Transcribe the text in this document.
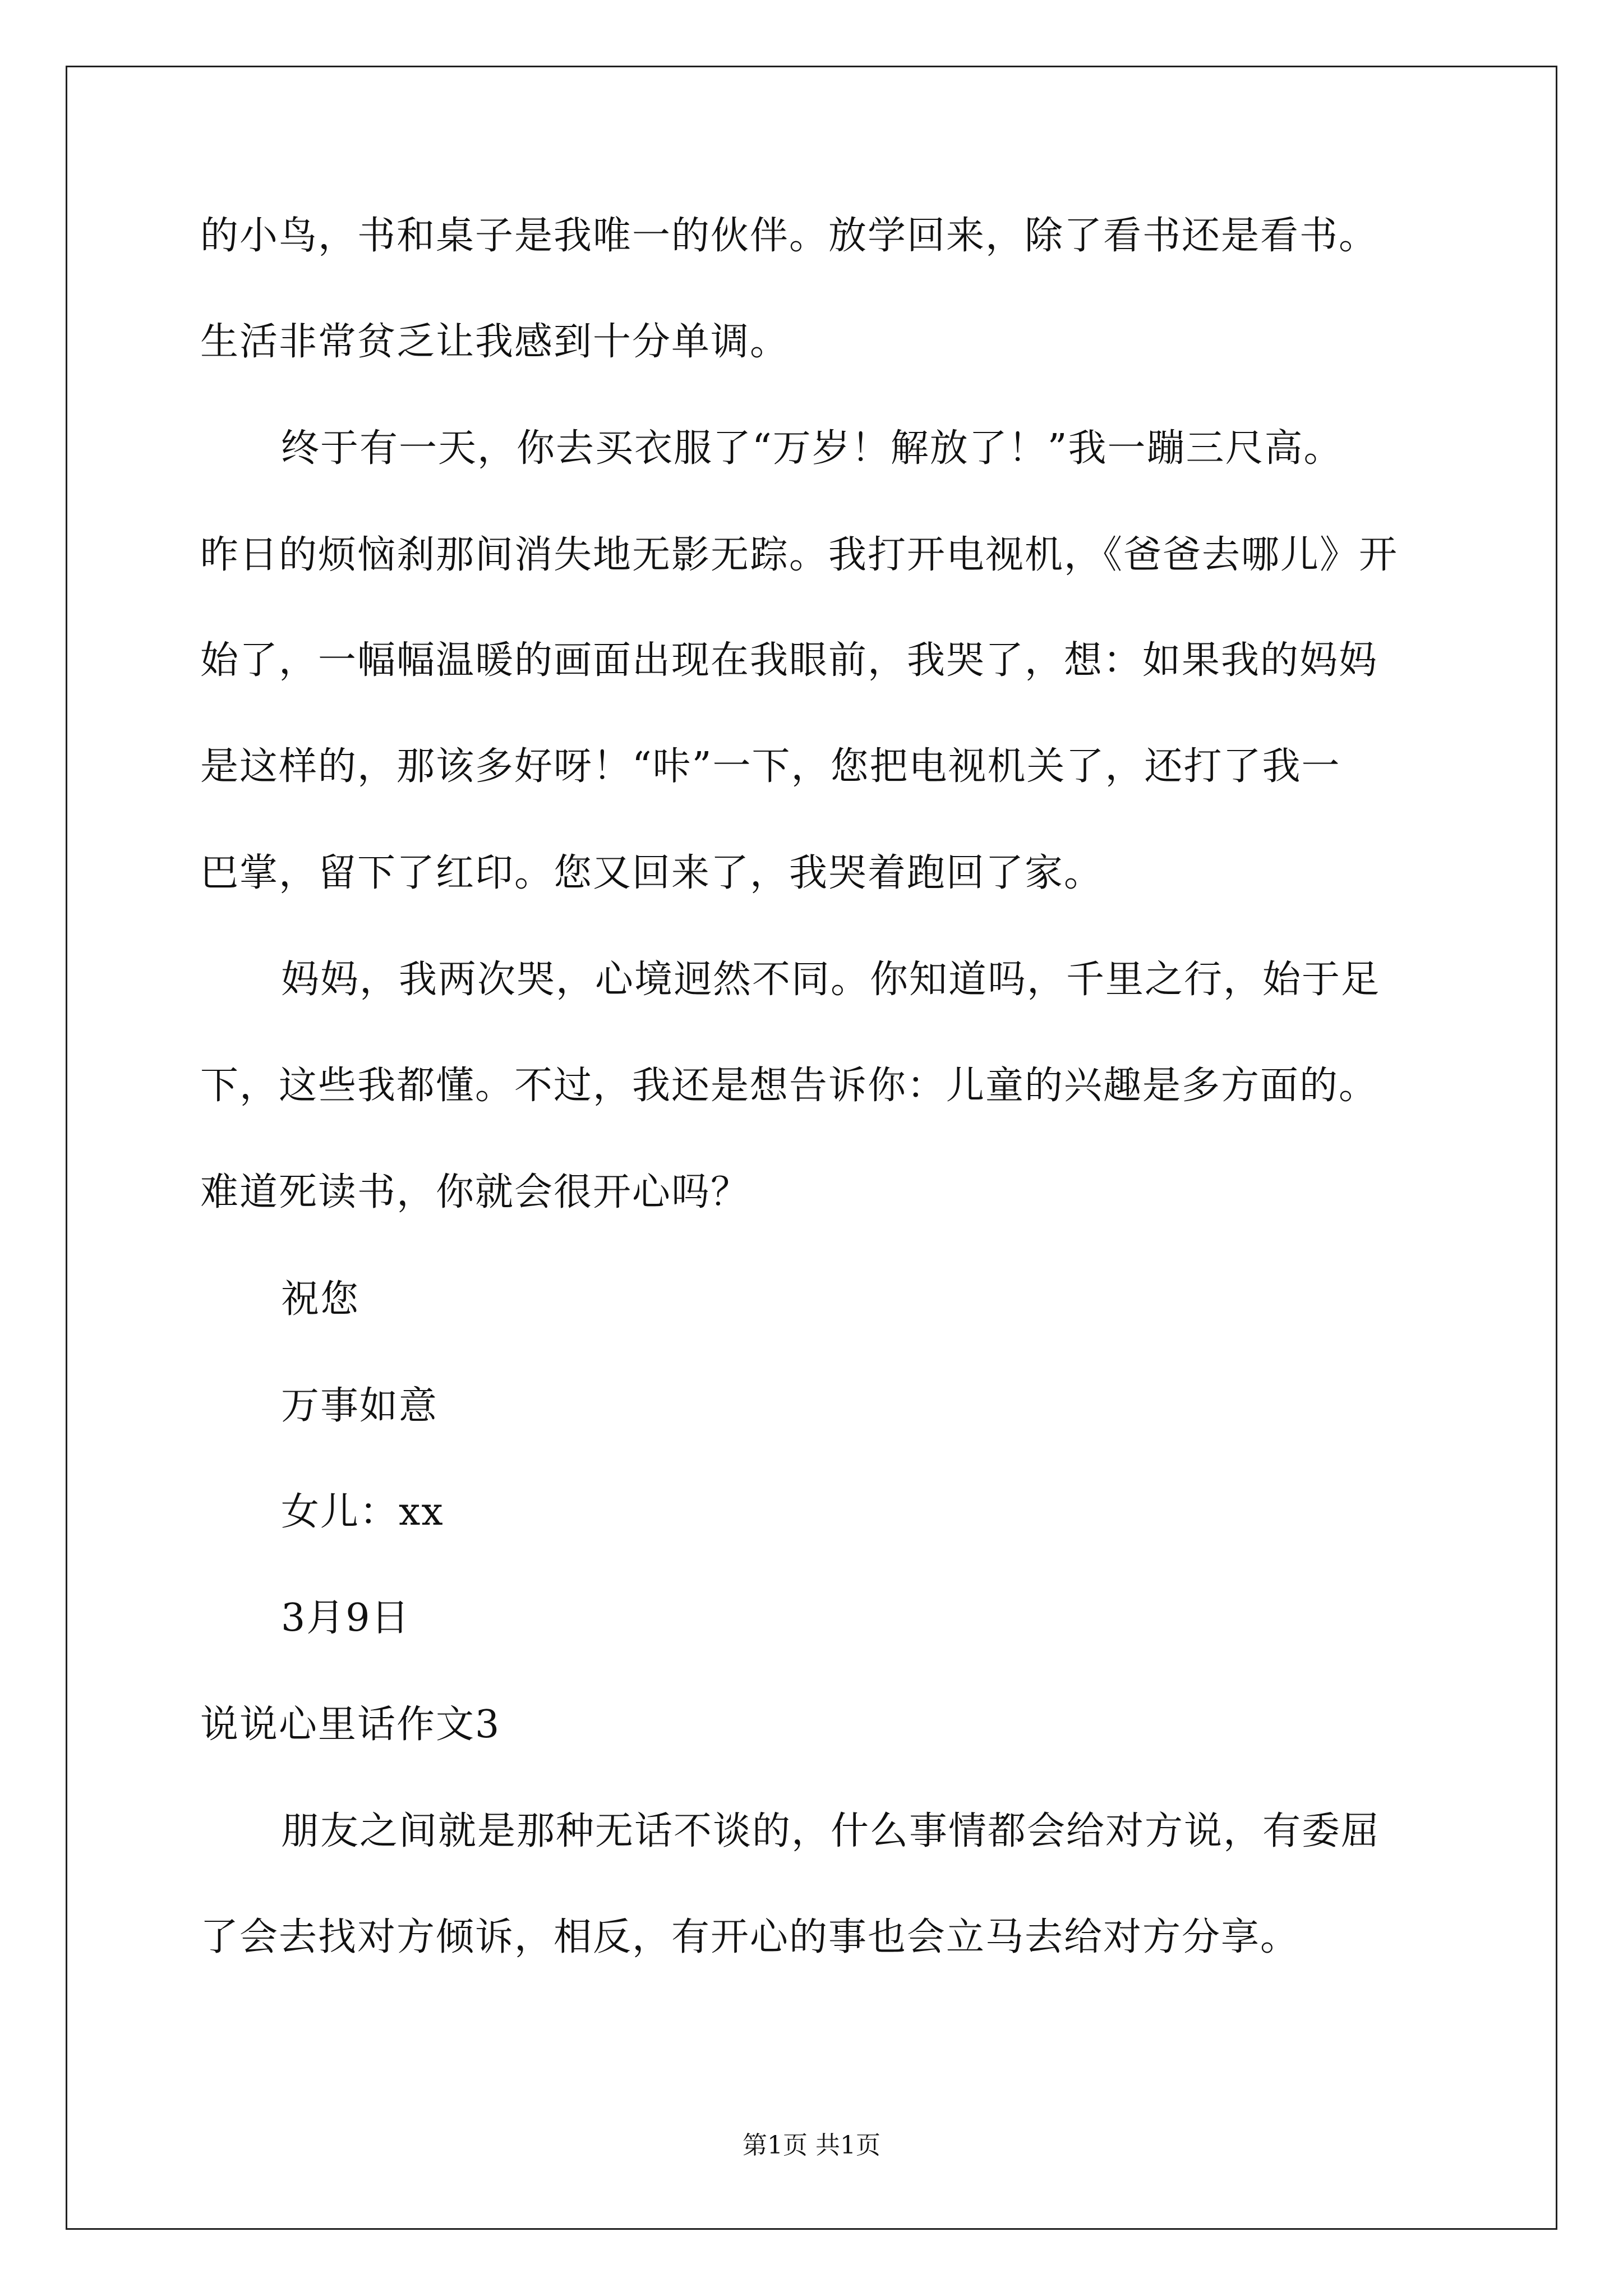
的小鸟，书和桌子是我唯一的伙伴。放学回来，除了看书还是看书。
生活非常贫乏让我感到十分单调。
终于有一天，你去买衣服了“万岁！解放了！”我一蹦三尺高。
昨日的烦恼刹那间消失地无影无踪。我打开电视机，《爸爸去哪儿》开
始了，一幅幅温暖的画面出现在我眼前，我哭了，想：如果我的妈妈
是这样的，那该多好呀！“咔”一下，您把电视机关了，还打了我一
巴掌，留下了红印。您又回来了，我哭着跑回了家。
妈妈，我两次哭，心境迥然不同。你知道吗，千里之行，始于足
下，这些我都懂。不过，我还是想告诉你：儿童的兴趣是多方面的。
难道死读书，你就会很开心吗？
祝您
万事如意
女儿：xx
3月9日
说说心里话作文3
朋友之间就是那种无话不谈的，什么事情都会给对方说，有委屈
了会去找对方倾诉，相反，有开心的事也会立马去给对方分享。
第1页 共1页
